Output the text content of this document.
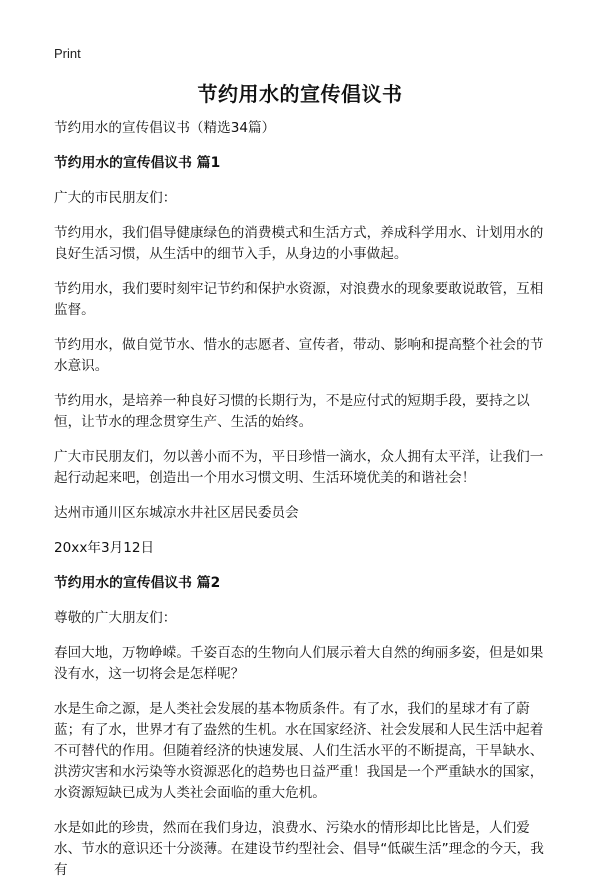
Print
节约用水的宣传倡议书

节约用水的宣传倡议书（精选34篇）

节约用水的宣传倡议书 篇1

广大的市民朋友们：

节约用水，我们倡导健康绿色的消费模式和生活方式，养成科学用水、计划用水的良好生活习惯，从生活中的细节入手，从身边的小事做起。

节约用水，我们要时刻牢记节约和保护水资源，对浪费水的现象要敢说敢管，互相监督。

节约用水，做自觉节水、惜水的志愿者、宣传者，带动、影响和提高整个社会的节水意识。

节约用水，是培养一种良好习惯的长期行为，不是应付式的短期手段，要持之以恒，让节水的理念贯穿生产、生活的始终。

广大市民朋友们，勿以善小而不为，平日珍惜一滴水，众人拥有太平洋，让我们一起行动起来吧，创造出一个用水习惯文明、生活环境优美的和谐社会！

达州市通川区东城凉水井社区居民委员会

20xx年3月12日

节约用水的宣传倡议书 篇2

尊敬的广大朋友们：

春回大地，万物峥嵘。千姿百态的生物向人们展示着大自然的绚丽多姿，但是如果没有水，这一切将会是怎样呢？

水是生命之源，是人类社会发展的基本物质条件。有了水，我们的星球才有了蔚蓝；有了水，世界才有了盎然的生机。水在国家经济、社会发展和人民生活中起着不可替代的作用。但随着经济的快速发展、人们生活水平的不断提高，干旱缺水、洪涝灾害和水污染等水资源恶化的趋势也日益严重！我国是一个严重缺水的国家，水资源短缺已成为人类社会面临的重大危机。

水是如此的珍贵，然而在我们身边，浪费水、污染水的情形却比比皆是，人们爱水、节水的意识还十分淡薄。在建设节约型社会、倡导“低碳生活”理念的今天，我有
